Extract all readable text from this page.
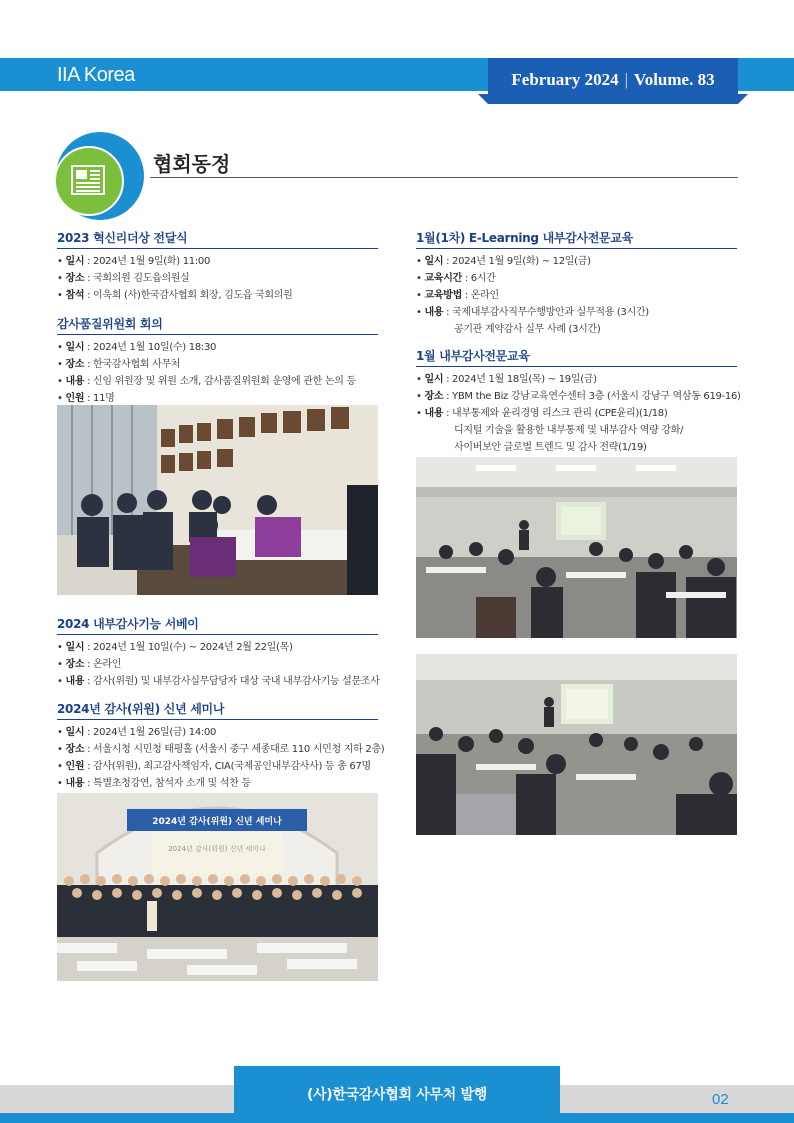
IIA Korea	February 2024 | Volume. 83
협회동정
2023 혁신리더상 전달식
• 일시 : 2024년 1월 9일(화) 11:00
• 장소 : 국회의원 김도읍의원실
• 참석 : 이욱희 (사)한국감사협회 회장, 김도읍 국회의원
감사품질위원회 회의
• 일시 : 2024년 1월 10일(수) 18:30
• 장소 : 한국감사협회 사무처
• 내용 : 신임 위원장 및 위원 소개, 감사품질위원회 운영에 관한 논의 등
• 인원 : 11명
2024 내부감사기능 서베이
• 일시 : 2024년 1월 10일(수) ~ 2024년 2월 22일(목)
• 장소 : 온라인
• 내용 : 감사(위원) 및 내부감사실무담당자 대상 국내 내부감사기능 설문조사
2024년 감사(위원) 신년 세미나
• 일시 : 2024년 1월 26일(금) 14:00
• 장소 : 서울시청 시민청 태평홀 (서울시 중구 세종대로 110 시민청 지하 2층)
• 인원 : 감사(위원), 최고감사책임자, CIA(국제공인내부감사사) 등 총 67명
• 내용 : 특별초청강연, 참석자 소개 및 석찬 등
2024년 감사(위원) 신년 세미나
2024년 감사(위원) 신년 세미나
1월(1차) E-Learning 내부감사전문교육
• 일시 : 2024년 1월 9일(화) ~ 12일(금)
• 교육시간 : 6시간
• 교육방법 : 온라인
• 내용 : 국제내부감사직무수행방안과 실무적용 (3시간)
공기관 계약감사 실무 사례 (3시간)
1월 내부감사전문교육
• 일시 : 2024년 1월 18일(목) ~ 19일(금)
• 장소 : YBM the Biz 강남교육연수센터 3층 (서울시 강남구 역삼동 619-16)
• 내용 : 내부통제와 윤리경영 리스크 관리 (CPE윤리)(1/18)
디지털 기술을 활용한 내부통제 및 내부감사 역량 강화/
사이버보안 글로벌 트렌드 및 감사 전략(1/19)
(사)한국감사협회 사무처 발행	02
